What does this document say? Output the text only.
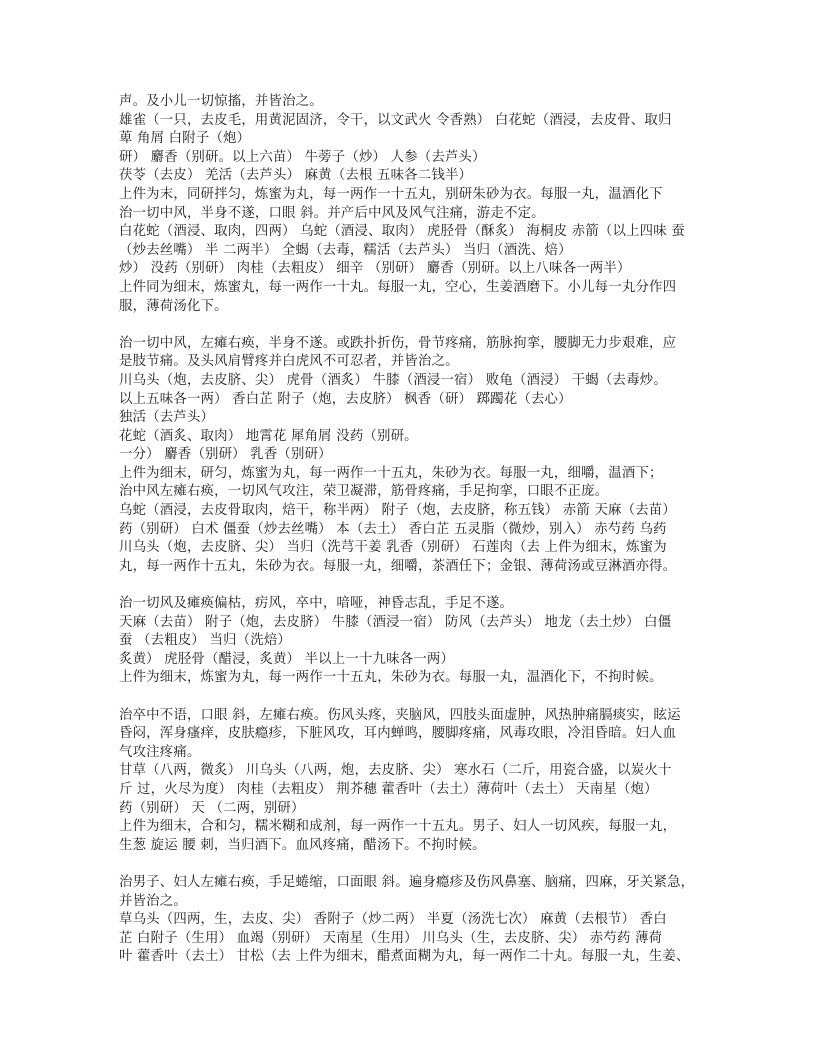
声。及小儿一切惊搐，并皆治之。
雄雀（一只，去皮毛，用黄泥固济，令干，以文武火 令香熟） 白花蛇（酒浸，去皮骨、取归
萆 角屑 白附子（炮）
研） 麝香（别研。以上六苗） 牛蒡子（炒） 人参（去芦头）
茯苓（去皮） 羌活（去芦头） 麻黄（去根 五味各二钱半）
上件为末，同研拌匀，炼蜜为丸，每一两作一十五丸，别研朱砂为衣。每服一丸，温酒化下
治一切中风，半身不遂，口眼 斜。并产后中风及风气注痛，游走不定。
白花蛇（酒浸、取肉，四两） 乌蛇（酒浸、取肉） 虎胫骨（酥炙） 海桐皮 赤箭（以上四味 蚕
（炒去丝嘴） 半 二两半） 全蝎（去毒，糯活（去芦头） 当归（酒洗、焙）
炒） 没药（别研） 肉桂（去粗皮） 细辛 （别研） 麝香（别研。以上八味各一两半）
上件同为细末，炼蜜丸，每一两作一十丸。每服一丸，空心，生姜酒磨下。小儿每一丸分作四
服，薄荷汤化下。
治一切中风，左瘫右痪，半身不遂。或跌扑折伤，骨节疼痛，筋脉拘挛，腰脚无力步艰难，应
是肢节痛。及头风肩臂疼并白虎风不可忍者，并皆治之。
川乌头（炮，去皮脐、尖） 虎骨（酒炙） 牛膝（酒浸一宿） 败龟（酒浸） 干蝎（去毒炒。
以上五味各一两） 香白芷 附子（炮，去皮脐） 枫香（研） 踯躅花（去心）
独活（去芦头）
花蛇（酒炙、取肉） 地霄花 犀角屑 没药（别研。
一分） 麝香（别研） 乳香（别研）
上件为细末，研匀，炼蜜为丸，每一两作一十五丸，朱砂为衣。每服一丸，细嚼，温酒下；
治中风左瘫右痪，一切风气攻注，荣卫凝滞，筋骨疼痛，手足拘挛，口眼不正庞。
乌蛇（酒浸，去皮骨取肉，焙干，称半两） 附子（炮，去皮脐，称五钱） 赤箭 天麻（去苗）
药（别研） 白术 僵蚕（炒去丝嘴） 本（去土） 香白芷 五灵脂（微炒，别入） 赤芍药 乌药
川乌头（炮，去皮脐、尖） 当归（洗芎干姜 乳香（别研） 石莲肉（去 上件为细末，炼蜜为
丸，每一两作十五丸，朱砂为衣。每服一丸，细嚼，茶酒任下；金银、薄荷汤或豆淋酒亦得。
治一切风及瘫痪偏枯，疠风，卒中，喑哑，神昏志乱，手足不遂。
天麻（去苗） 附子（炮，去皮脐） 牛膝（酒浸一宿） 防风（去芦头） 地龙（去土炒） 白僵
蚕 （去粗皮） 当归（洗焙）
炙黄） 虎胫骨（醋浸，炙黄） 半以上一十九味各一两）
上件为细末，炼蜜为丸，每一两作一十五丸，朱砂为衣。每服一丸，温酒化下，不拘时候。
治卒中不语，口眼 斜，左瘫右痪。伤风头疼，夹脑风，四肢头面虚肿，风热肿痛膈痰实，眩运
昏闷，浑身瘙痒，皮肤瘾疹，下脏风攻，耳内蝉鸣，腰脚疼痛，风毒攻眼，冷泪昏暗。妇人血
气攻注疼痛。
甘草（八两，微炙） 川乌头（八两，炮，去皮脐、尖） 寒水石（二斤，用瓷合盛，以炭火十
斤 过，火尽为度） 肉桂（去粗皮） 荆芥穗 藿香叶（去土）薄荷叶（去土） 天南星（炮）
药（别研） 天 （二两，别研）
上件为细末，合和匀，糯米糊和成剂，每一两作一十五丸。男子、妇人一切风疾，每服一丸，
生葱 旋运 腰 刺，当归酒下。血风疼痛，醋汤下。不拘时候。
治男子、妇人左瘫右痪，手足蜷缩，口面眼 斜。遍身瘾疹及伤风鼻塞、脑痛，四麻，牙关紧急，
并皆治之。
草乌头（四两，生，去皮、尖） 香附子（炒二两） 半夏（汤洗七次） 麻黄（去根节） 香白
芷 白附子（生用） 血竭（别研） 天南星（生用） 川乌头（生，去皮脐、尖） 赤芍药 薄荷
叶 藿香叶（去土） 甘松（去 上件为细末，醋煮面糊为丸，每一两作二十丸。每服一丸，生姜、
